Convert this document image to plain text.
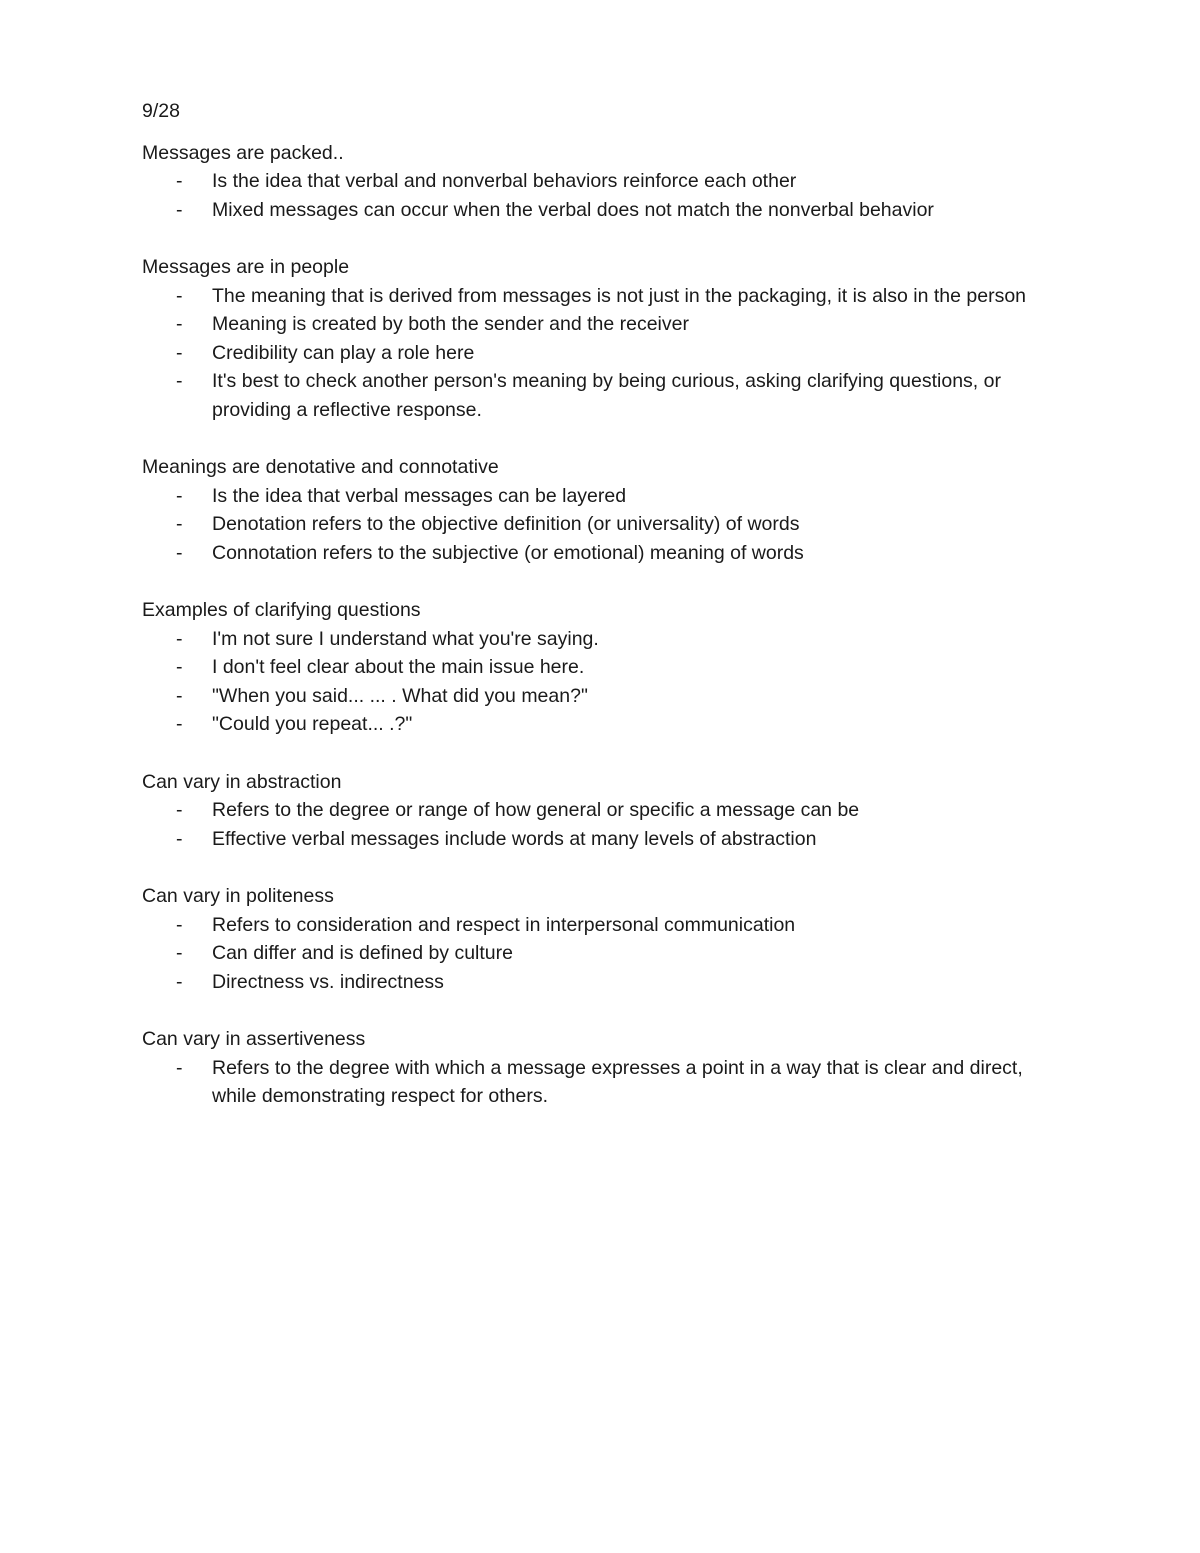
9/28

Messages are packed..

- Is the idea that verbal and nonverbal behaviors reinforce each other
- Mixed messages can occur when the verbal does not match the nonverbal behavior

Messages are in people

- The meaning that is derived from messages is not just in the packaging, it is also in the person
- Meaning is created by both the sender and the receiver
- Credibility can play a role here
- It's best to check another person's meaning by being curious, asking clarifying questions, or providing a reflective response.

Meanings are denotative and connotative

- Is the idea that verbal messages can be layered
- Denotation refers to the objective definition (or universality) of words
- Connotation refers to the subjective (or emotional) meaning of words

Examples of clarifying questions

- I'm not sure I understand what you're saying.
- I don't feel clear about the main issue here.
- "When you said... ... . What did you mean?"
- "Could you repeat... .?"

Can vary in abstraction

- Refers to the degree or range of how general or specific a message can be
- Effective verbal messages include words at many levels of abstraction

Can vary in politeness

- Refers to consideration and respect in interpersonal communication
- Can differ and is defined by culture
- Directness vs. indirectness

Can vary in assertiveness

- Refers to the degree with which a message expresses a point in a way that is clear and direct, while demonstrating respect for others.
